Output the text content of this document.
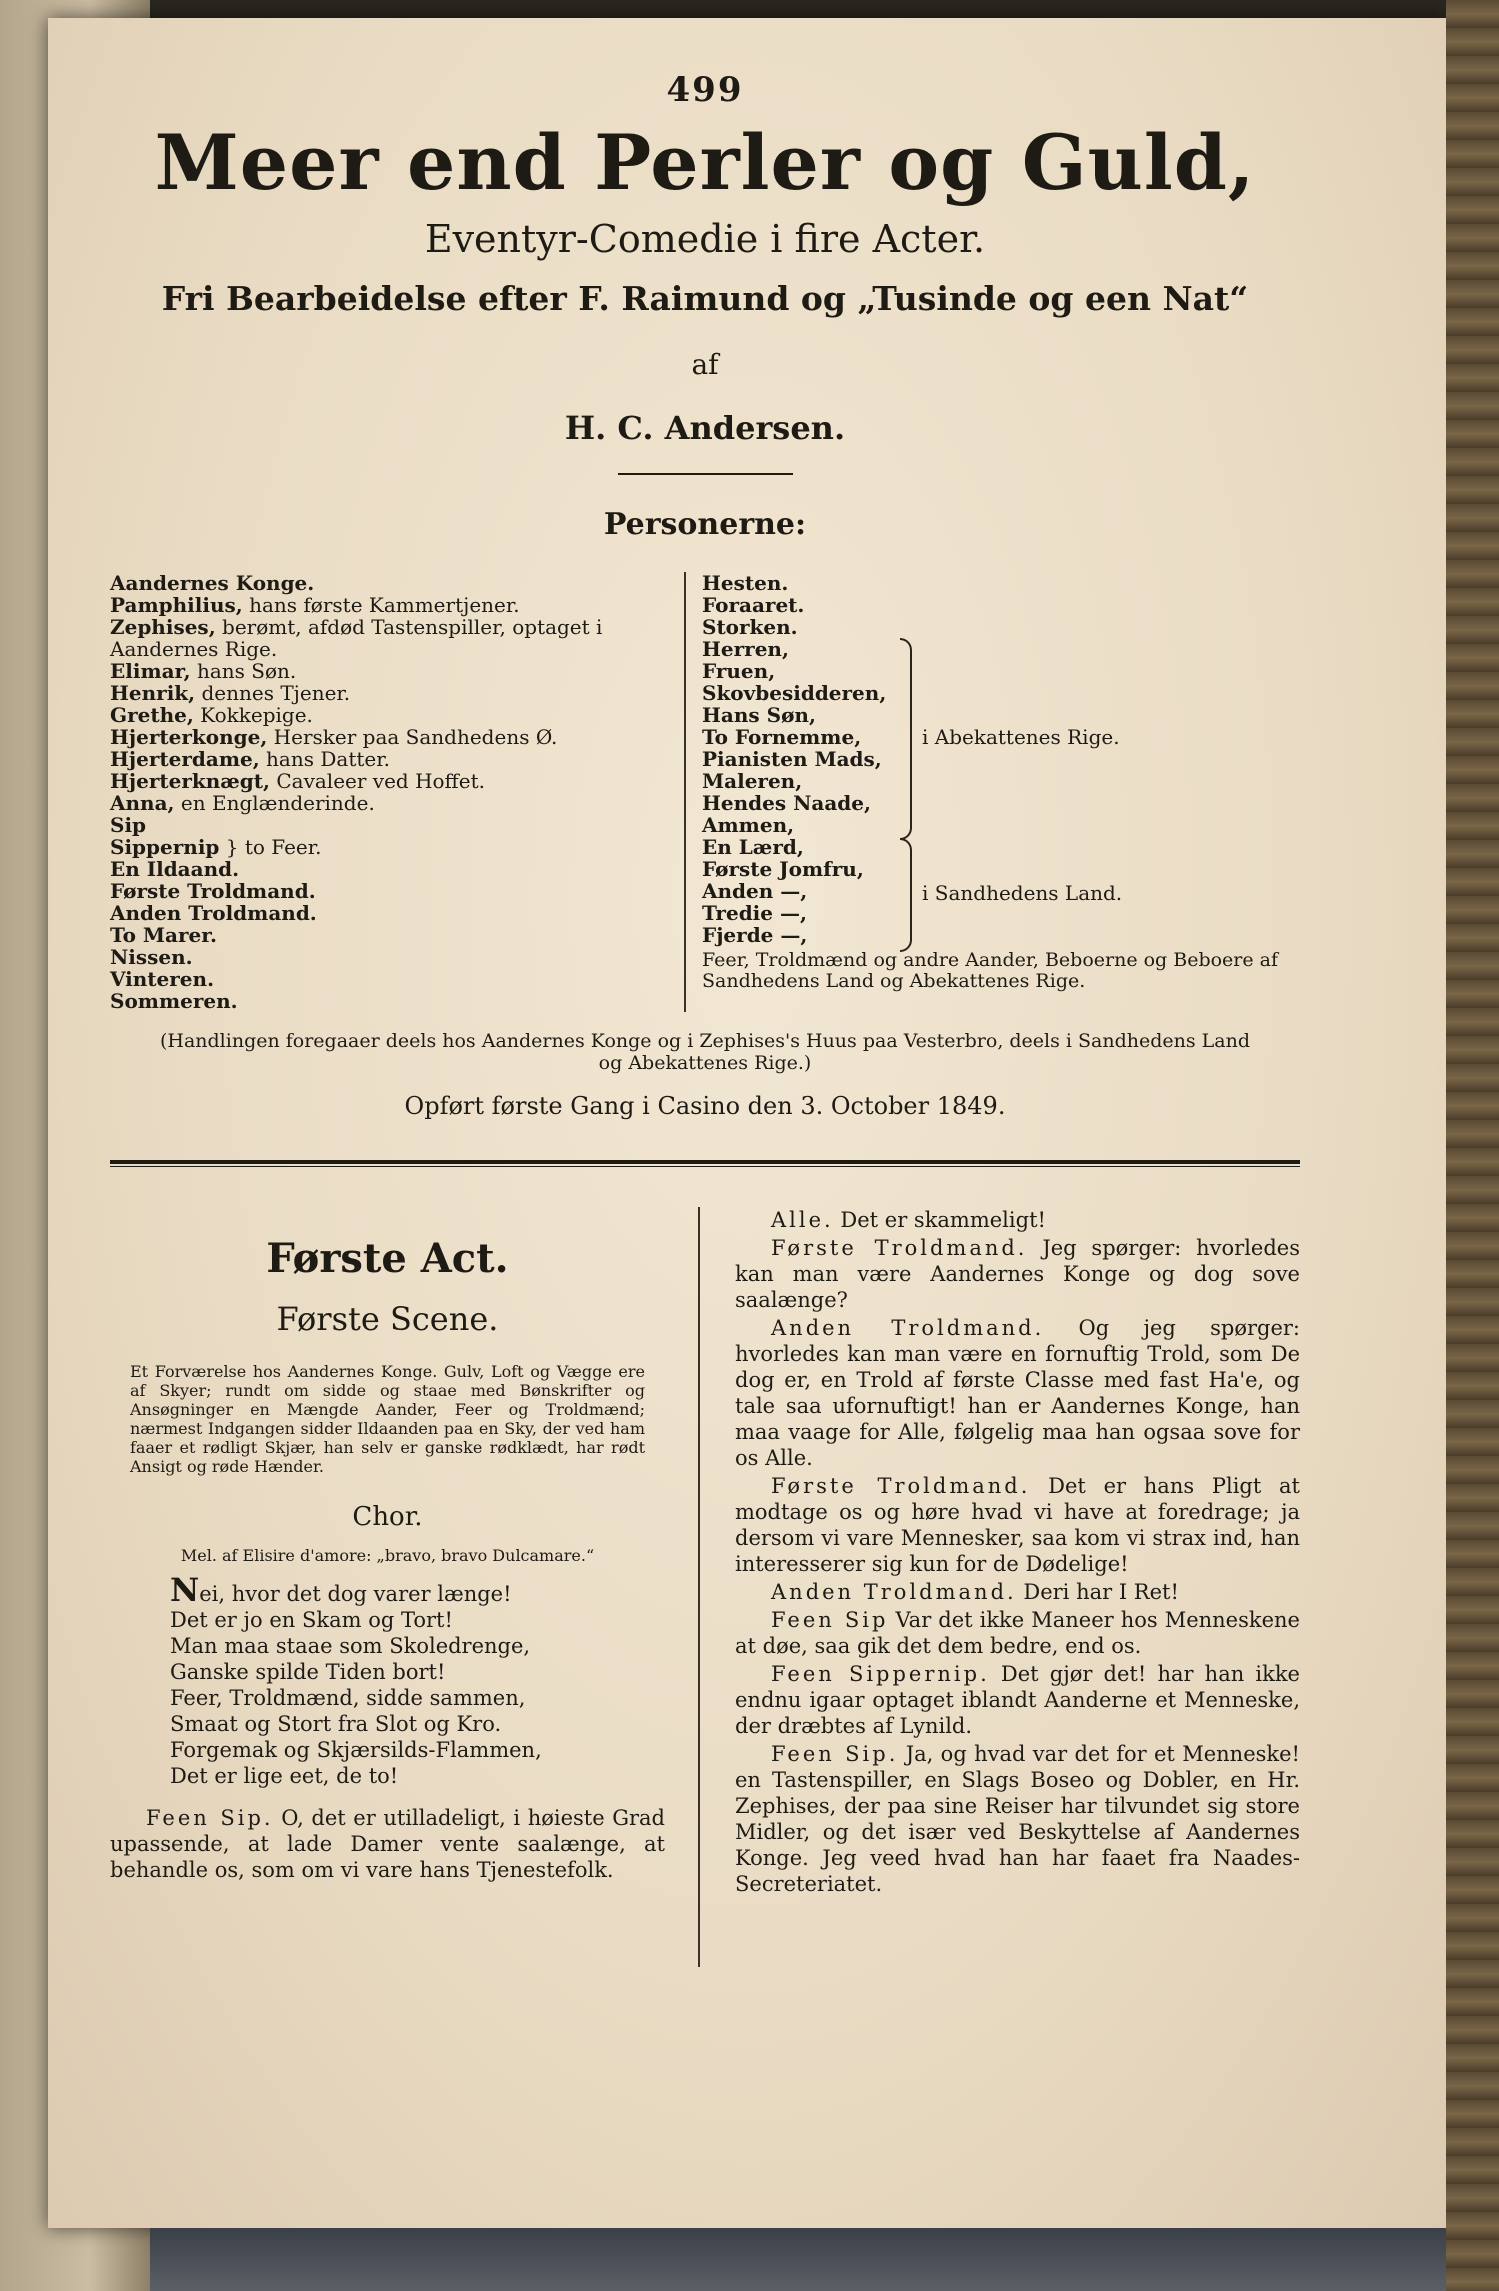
499
Meer end Perler og Guld,
Eventyr-Comedie i fire Acter.
Fri Bearbeidelse efter F. Raimund og „Tusinde og een Nat“
af
H. C. Andersen.
Personerne:
Aandernes Konge.
Pamphilius, hans første Kammertjener.
Zephises, berømt, afdød Tastenspiller, optaget i Aandernes Rige.
Elimar, hans Søn.
Henrik, dennes Tjener.
Grethe, Kokkepige.
Hjerterkonge, Hersker paa Sandhedens Ø.
Hjerterdame, hans Datter.
Hjerterknægt, Cavaleer ved Hoffet.
Anna, en Englænderinde.
Sip
Sippernip } to Feer.
En Ildaand.
Første Troldmand.
Anden Troldmand.
To Marer.
Nissen.
Vinteren.
Sommeren.
Hesten.
Foraaret.
Storken.
Herren,
Fruen,
Skovbesidderen,
Hans Søn,
To Fornemme,
Pianisten Mads,
Maleren,
Hendes Naade,
Ammen,
En Lærd,
Første Jomfru,
Anden —,
Tredie —,
Fjerde —,
i Abekattenes Rige.
i Sandhedens Land.
Feer, Troldmænd og andre Aander, Beboerne og Beboere af Sandhedens Land og Abekattenes Rige.
(Handlingen foregaaer deels hos Aandernes Konge og i Zephises's Huus paa Vesterbro, deels i Sandhedens Land og Abekattenes Rige.)
Opført første Gang i Casino den 3. October 1849.
Første Act.
Første Scene.
Et Forværelse hos Aandernes Konge. Gulv, Loft og Vægge ere af Skyer; rundt om sidde og staae med Bønskrifter og Ansøgninger en Mængde Aander, Feer og Troldmænd; nærmest Indgangen sidder Ildaanden paa en Sky, der ved ham faaer et rødligt Skjær, han selv er ganske rødklædt, har rødt Ansigt og røde Hænder.
Chor.
Mel. af Elisire d'amore: „bravo, bravo Dulcamare.“
Nei, hvor det dog varer længe!
Det er jo en Skam og Tort!
Man maa staae som Skoledrenge,
Ganske spilde Tiden bort!
Feer, Troldmænd, sidde sammen,
Smaat og Stort fra Slot og Kro.
Forgemak og Skjærsilds-Flammen,
Det er lige eet, de to!
Feen Sip. O, det er utilladeligt, i høieste Grad upassende, at lade Damer vente saalænge, at behandle os, som om vi vare hans Tjenestefolk.
Alle. Det er skammeligt!
Første Troldmand. Jeg spørger: hvorledes kan man være Aandernes Konge og dog sove saalænge?
Anden Troldmand. Og jeg spørger: hvorledes kan man være en fornuftig Trold, som De dog er, en Trold af første Classe med fast Ha'e, og tale saa ufornuftigt! han er Aandernes Konge, han maa vaage for Alle, følgelig maa han ogsaa sove for os Alle.
Første Troldmand. Det er hans Pligt at modtage os og høre hvad vi have at foredrage; ja dersom vi vare Mennesker, saa kom vi strax ind, han interesserer sig kun for de Dødelige!
Anden Troldmand. Deri har I Ret!
Feen Sip Var det ikke Maneer hos Menneskene at døe, saa gik det dem bedre, end os.
Feen Sippernip. Det gjør det! har han ikke endnu igaar optaget iblandt Aanderne et Menneske, der dræbtes af Lynild.
Feen Sip. Ja, og hvad var det for et Menneske! en Tastenspiller, en Slags Boseo og Dobler, en Hr. Zephises, der paa sine Reiser har tilvundet sig store Midler, og det især ved Beskyttelse af Aandernes Konge. Jeg veed hvad han har faaet fra Naades-Secreteriatet.
